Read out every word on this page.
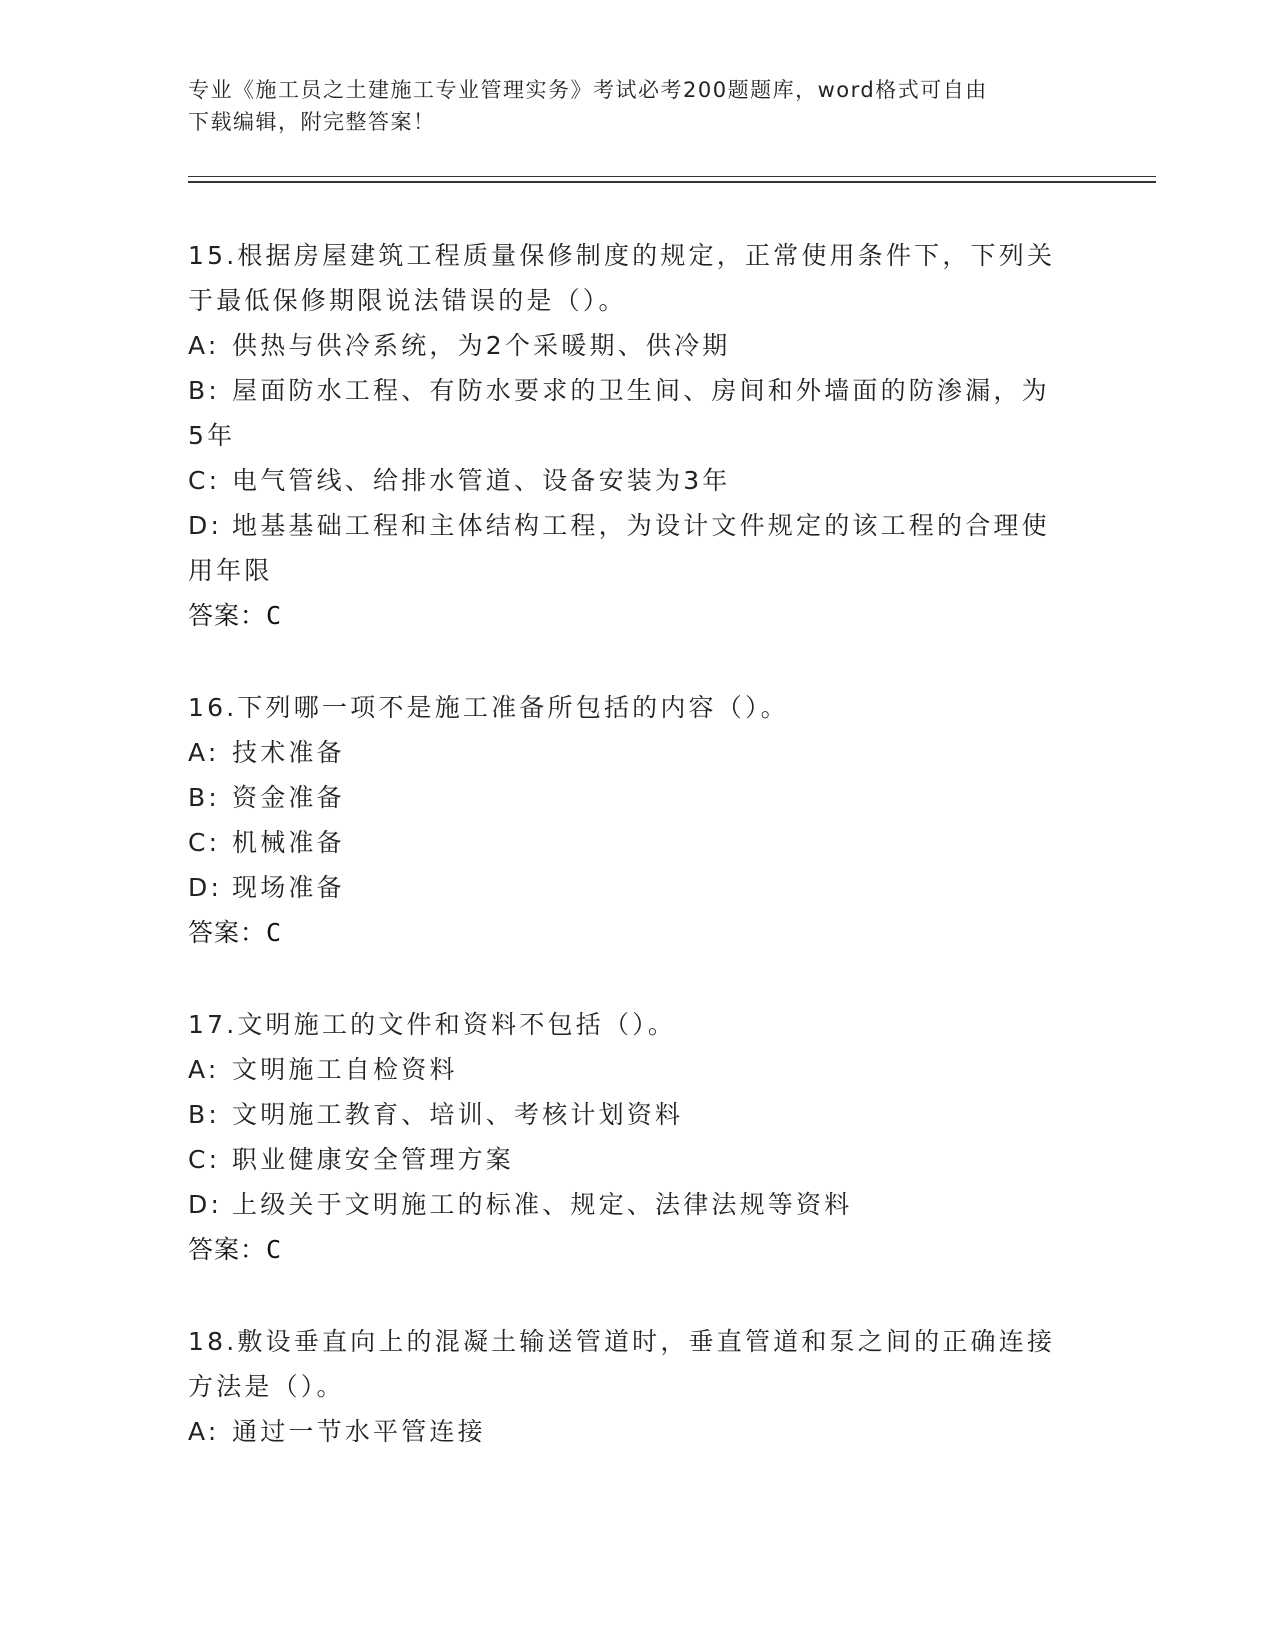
专业《施工员之土建施工专业管理实务》考试必考200题题库，word格式可自由
下载编辑，附完整答案！
15.根据房屋建筑工程质量保修制度的规定，正常使用条件下，下列关
于最低保修期限说法错误的是（）。
A: 供热与供冷系统，为2个采暖期、供冷期
B: 屋面防水工程、有防水要求的卫生间、房间和外墙面的防渗漏，为
5年
C: 电气管线、给排水管道、设备安装为3年
D: 地基基础工程和主体结构工程，为设计文件规定的该工程的合理使
用年限
答案：C
16.下列哪一项不是施工准备所包括的内容（）。
A: 技术准备
B: 资金准备
C: 机械准备
D: 现场准备
答案：C
17.文明施工的文件和资料不包括（）。
A: 文明施工自检资料
B: 文明施工教育、培训、考核计划资料
C: 职业健康安全管理方案
D: 上级关于文明施工的标准、规定、法律法规等资料
答案：C
18.敷设垂直向上的混凝土输送管道时，垂直管道和泵之间的正确连接
方法是（）。
A: 通过一节水平管连接
